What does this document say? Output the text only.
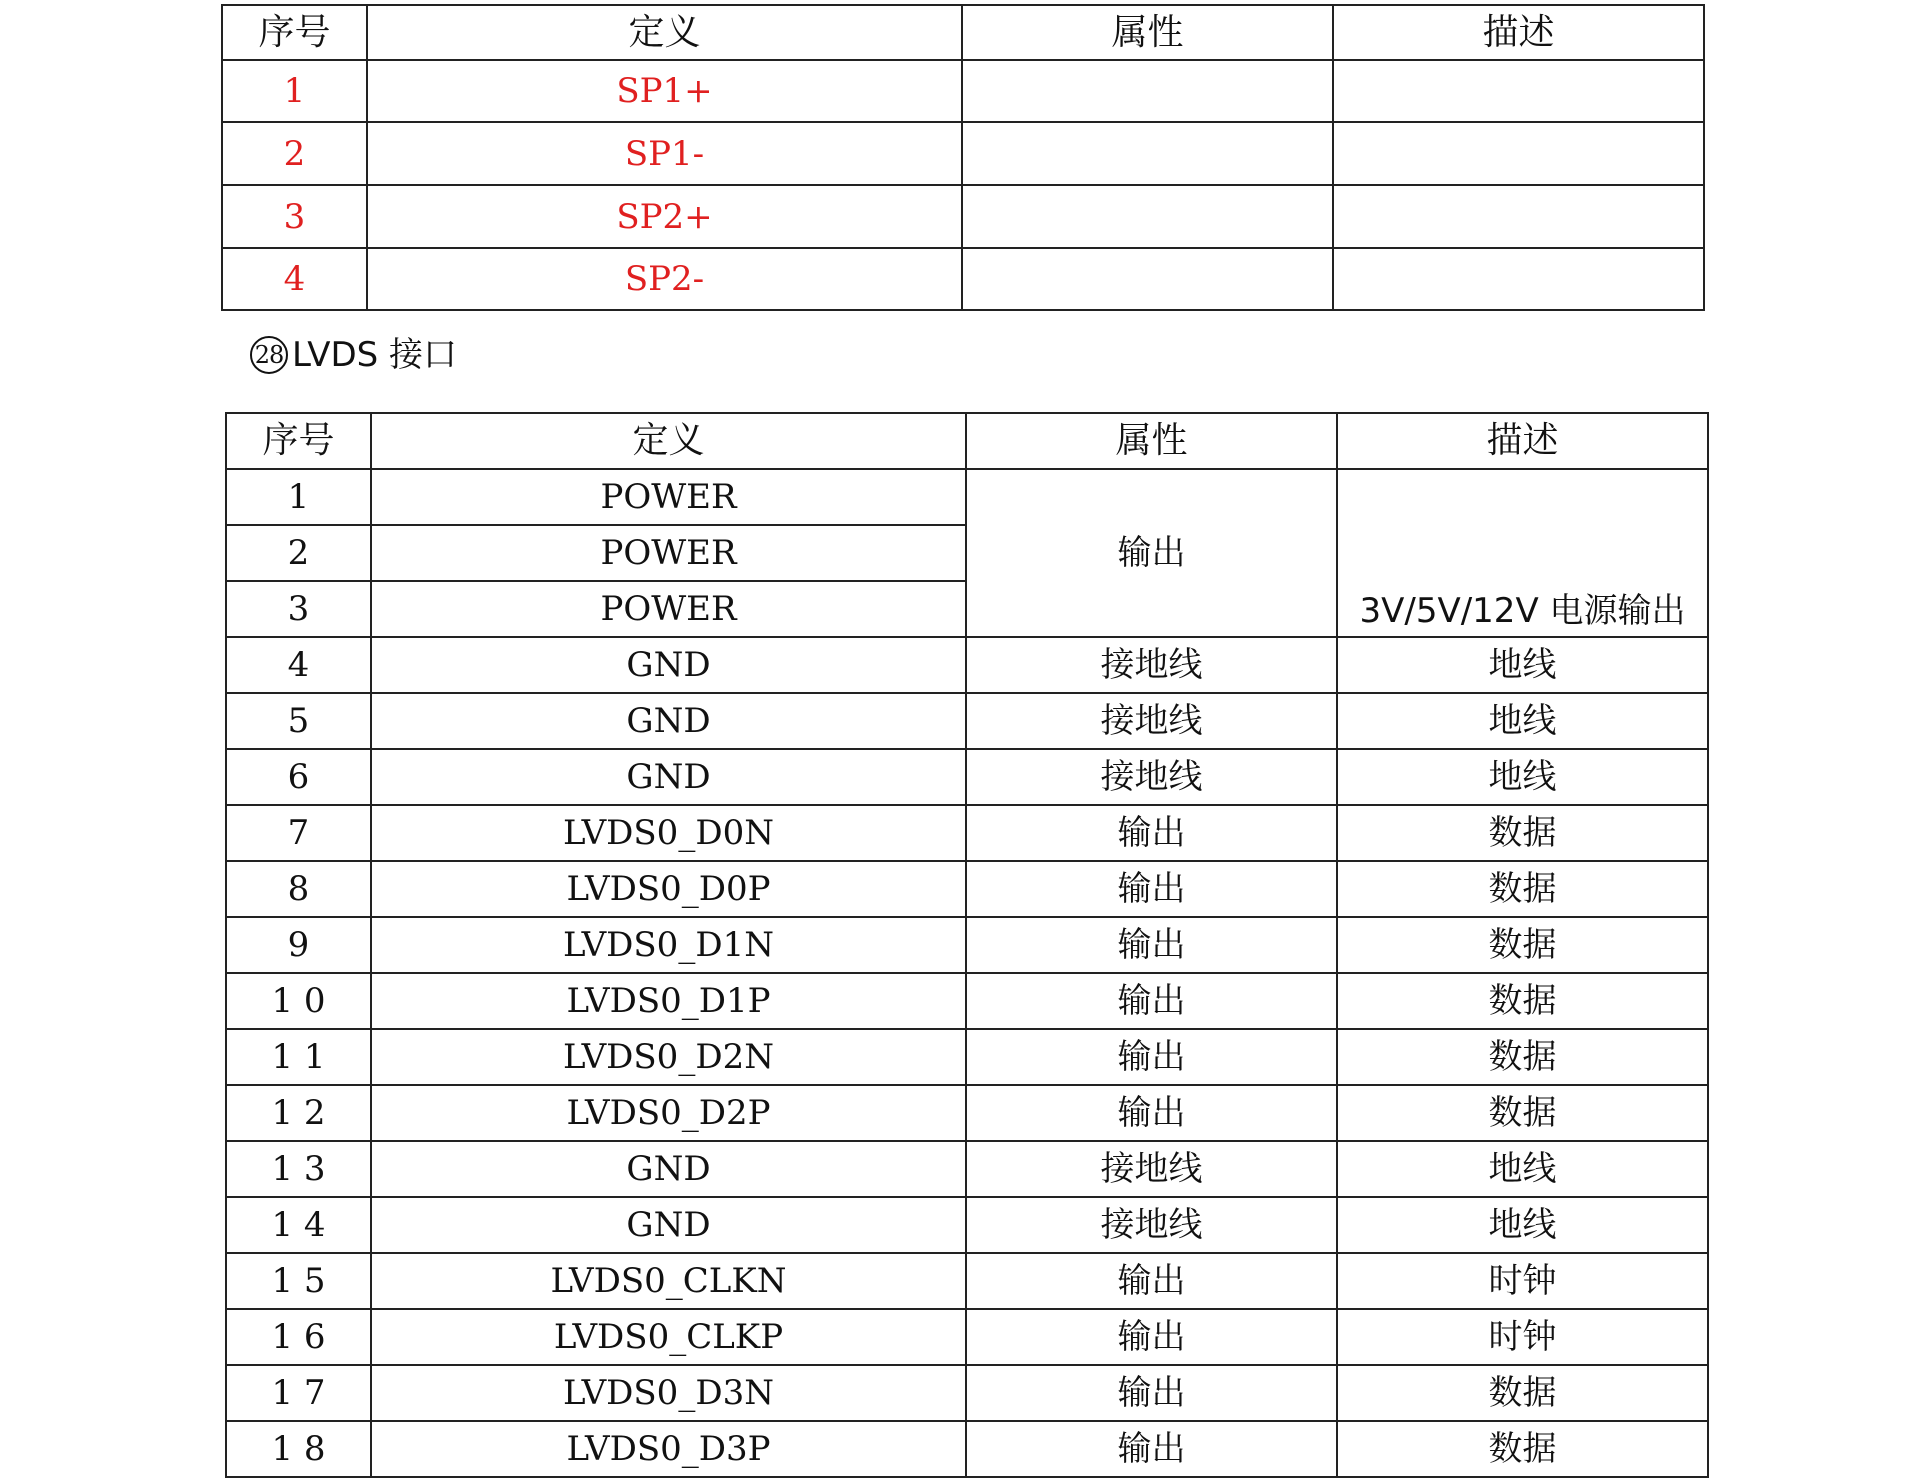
序号	定义	属性	描述
1	SP1+		
2	SP1-		
3	SP2+		
4	SP2-		
28 LVDS 接口
序号	定义	属性	描述
1	POWER	输出	3V/5V/12V 电源输出
2	POWER		
3	POWER		
4	GND	接地线	地线
5	GND	接地线	地线
6	GND	接地线	地线
7	LVDS0_D0N	输出	数据
8	LVDS0_D0P	输出	数据
9	LVDS0_D1N	输出	数据
1 0	LVDS0_D1P	输出	数据
1 1	LVDS0_D2N	输出	数据
1 2	LVDS0_D2P	输出	数据
1 3	GND	接地线	地线
1 4	GND	接地线	地线
1 5	LVDS0_CLKN	输出	时钟
1 6	LVDS0_CLKP	输出	时钟
1 7	LVDS0_D3N	输出	数据
1 8	LVDS0_D3P	输出	数据
